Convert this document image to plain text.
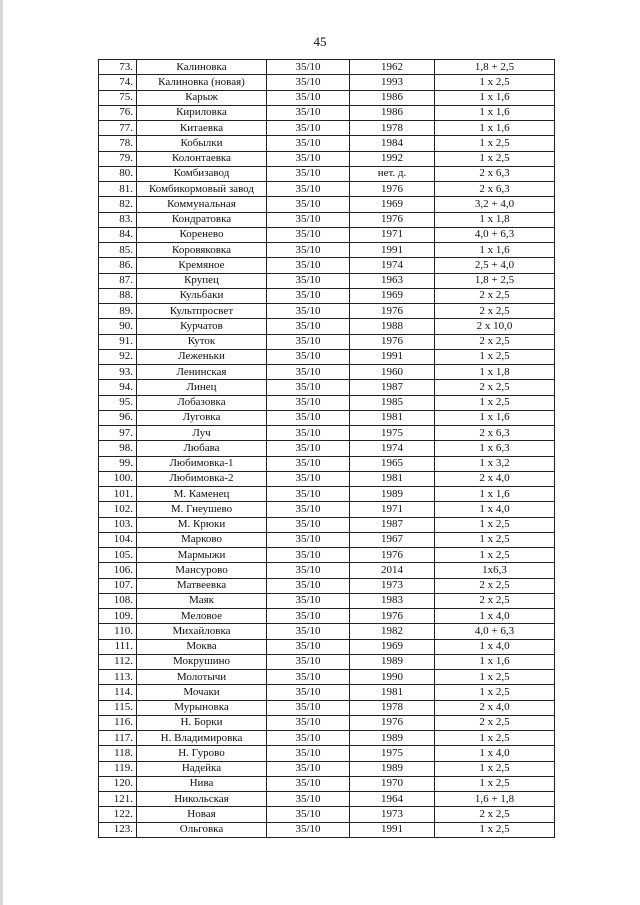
45
73.	Калиновка	35/10	1962	1,8 + 2,5
74.	Калиновка (новая)	35/10	1993	1 x 2,5
75.	Карыж	35/10	1986	1 x 1,6
76.	Кириловка	35/10	1986	1 x 1,6
77.	Китаевка	35/10	1978	1 x 1,6
78.	Кобылки	35/10	1984	1 x 2,5
79.	Колонтаевка	35/10	1992	1 x 2,5
80.	Комбизавод	35/10	нет. д.	2 x 6,3
81.	Комбикормовый завод	35/10	1976	2 x 6,3
82.	Коммунальная	35/10	1969	3,2 + 4,0
83.	Кондратовка	35/10	1976	1 x 1,8
84.	Коренево	35/10	1971	4,0 + 6,3
85.	Коровяковка	35/10	1991	1 x 1,6
86.	Кремяное	35/10	1974	2,5 + 4,0
87.	Крупец	35/10	1963	1,8 + 2,5
88.	Кульбаки	35/10	1969	2 x 2,5
89.	Культпросвет	35/10	1976	2 x 2,5
90.	Курчатов	35/10	1988	2 x 10,0
91.	Куток	35/10	1976	2 x 2,5
92.	Леженьки	35/10	1991	1 x 2,5
93.	Ленинская	35/10	1960	1 x 1,8
94.	Линец	35/10	1987	2 x 2,5
95.	Лобазовка	35/10	1985	1 x 2,5
96.	Луговка	35/10	1981	1 x 1,6
97.	Луч	35/10	1975	2 x 6,3
98.	Любава	35/10	1974	1 x 6,3
99.	Любимовка-1	35/10	1965	1 x 3,2
100.	Любимовка-2	35/10	1981	2 x 4,0
101.	М. Каменец	35/10	1989	1 x 1,6
102.	М. Гнеушево	35/10	1971	1 x 4,0
103.	М. Крюки	35/10	1987	1 x 2,5
104.	Марково	35/10	1967	1 x 2,5
105.	Мармыжи	35/10	1976	1 x 2,5
106.	Мансурово	35/10	2014	1x6,3
107.	Матвеевка	35/10	1973	2 x 2,5
108.	Маяк	35/10	1983	2 x 2,5
109.	Меловое	35/10	1976	1 x 4,0
110.	Михайловка	35/10	1982	4,0 + 6,3
111.	Моква	35/10	1969	1 x 4,0
112.	Мокрушино	35/10	1989	1 x 1,6
113.	Молотычи	35/10	1990	1 x 2,5
114.	Мочаки	35/10	1981	1 x 2,5
115.	Мурыновка	35/10	1978	2 x 4,0
116.	Н. Борки	35/10	1976	2 x 2,5
117.	Н. Владимировка	35/10	1989	1 x 2,5
118.	Н. Гурово	35/10	1975	1 x 4,0
119.	Надейка	35/10	1989	1 x 2,5
120.	Нива	35/10	1970	1 x 2,5
121.	Никольская	35/10	1964	1,6 + 1,8
122.	Новая	35/10	1973	2 x 2,5
123.	Ольговка	35/10	1991	1 x 2,5
